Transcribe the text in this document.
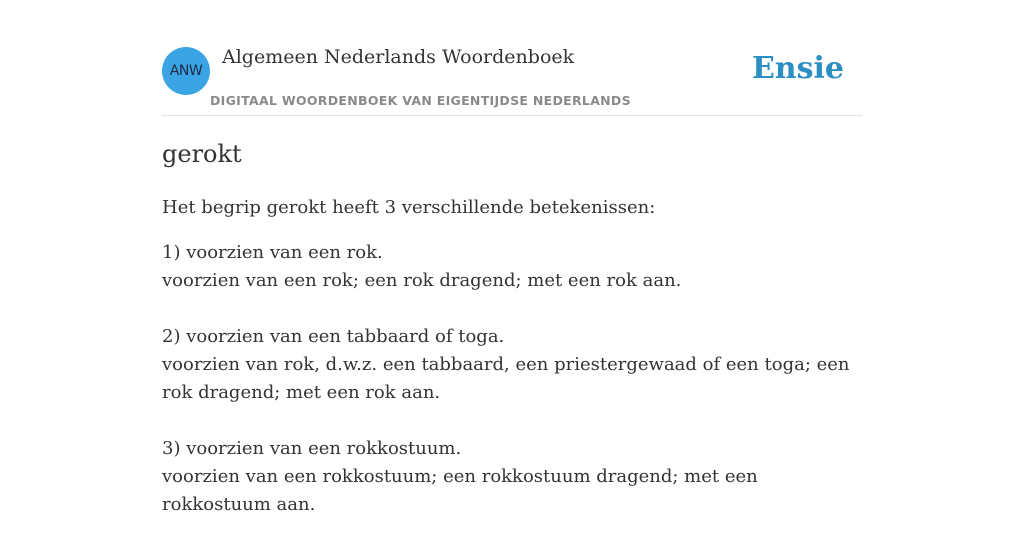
ANW
Algemeen Nederlands Woordenboek
DIGITAAL WOORDENBOEK VAN EIGENTIJDSE NEDERLANDS
Ensie
gerokt

Het begrip gerokt heeft 3 verschillende betekenissen:

1) voorzien van een rok.
voorzien van een rok; een rok dragend; met een rok aan.
2) voorzien van een tabbaard of toga.
voorzien van rok, d.w.z. een tabbaard, een priestergewaad of een toga; een rok dragend; met een rok aan.
3) voorzien van een rokkostuum.
voorzien van een rokkostuum; een rokkostuum dragend; met een rokkostuum aan.
